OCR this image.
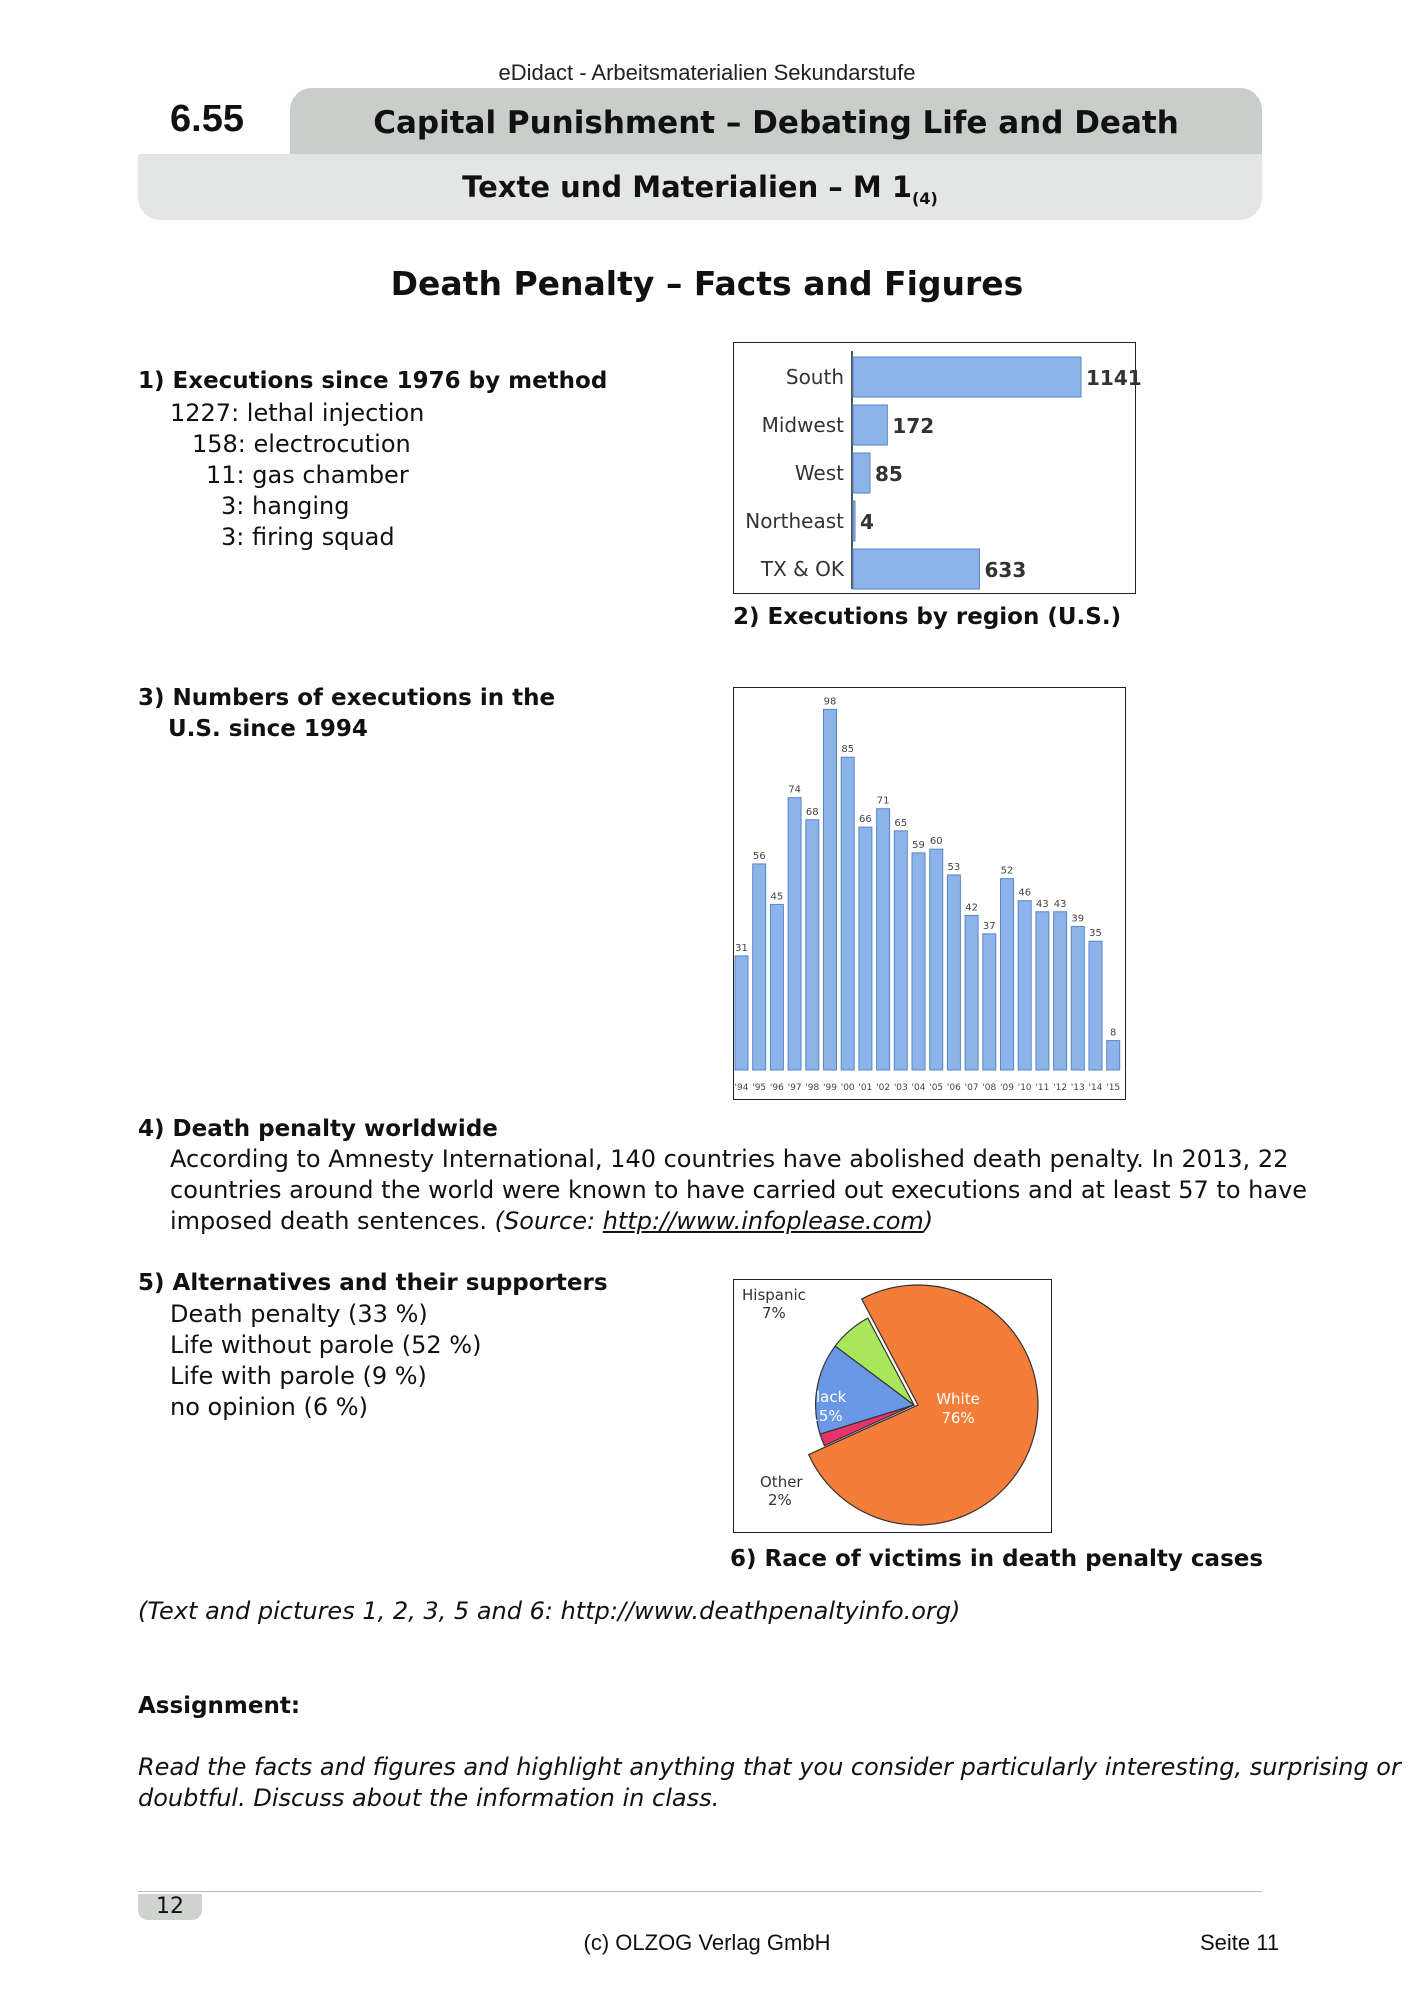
eDidact - Arbeitsmaterialien Sekundarstufe
6.55	Capital Punishment – Debating Life and Death
Texte und Materialien – M $1_{(4)}$
Death Penalty – Facts and Figures
1) Executions since 1976 by method
1227: lethal injection
158: electrocution
11: gas chamber
3: hanging
3: firing squad
South	1141
Midwest 172
West 85
Northeast 4
TX & OK	633
2) Executions by region (U.S.)
3) Numbers of executions in the
U.S. since 1994
31
'94
56
'95
45
'96
74
'97
68
'98
98
'99
85
'00
66
'01
71
'02
65
'03
59
'04
60
'05
53
'06
42
'07
37
'08
52
'09
46
'10
43
'11
43
'12
39
'13
35
'14
8
'15
4) Death penalty worldwide
According to Amnesty International, 140 countries have abolished death penalty. In 2013, 22
countries around the world were known to have carried out executions and at least 57 to have
imposed death sentences. (Source: http://www.infoplease.com)
5) Alternatives and their supporters
Death penalty (33 %)
Life without parole (52 %)
Life with parole (9 %)
no opinion (6 %)	White
76%
Black
15%
Hispanic
7%
Other
2%
6) Race of victims in death penalty cases
(Text and pictures 1, 2, 3, 5 and 6: http://www.deathpenaltyinfo.org)
Assignment:
Read the facts and figures and highlight anything that you consider particularly interesting, surprising or
doubtful. Discuss about the information in class.
12
(c) OLZOG Verlag GmbH	Seite 11
